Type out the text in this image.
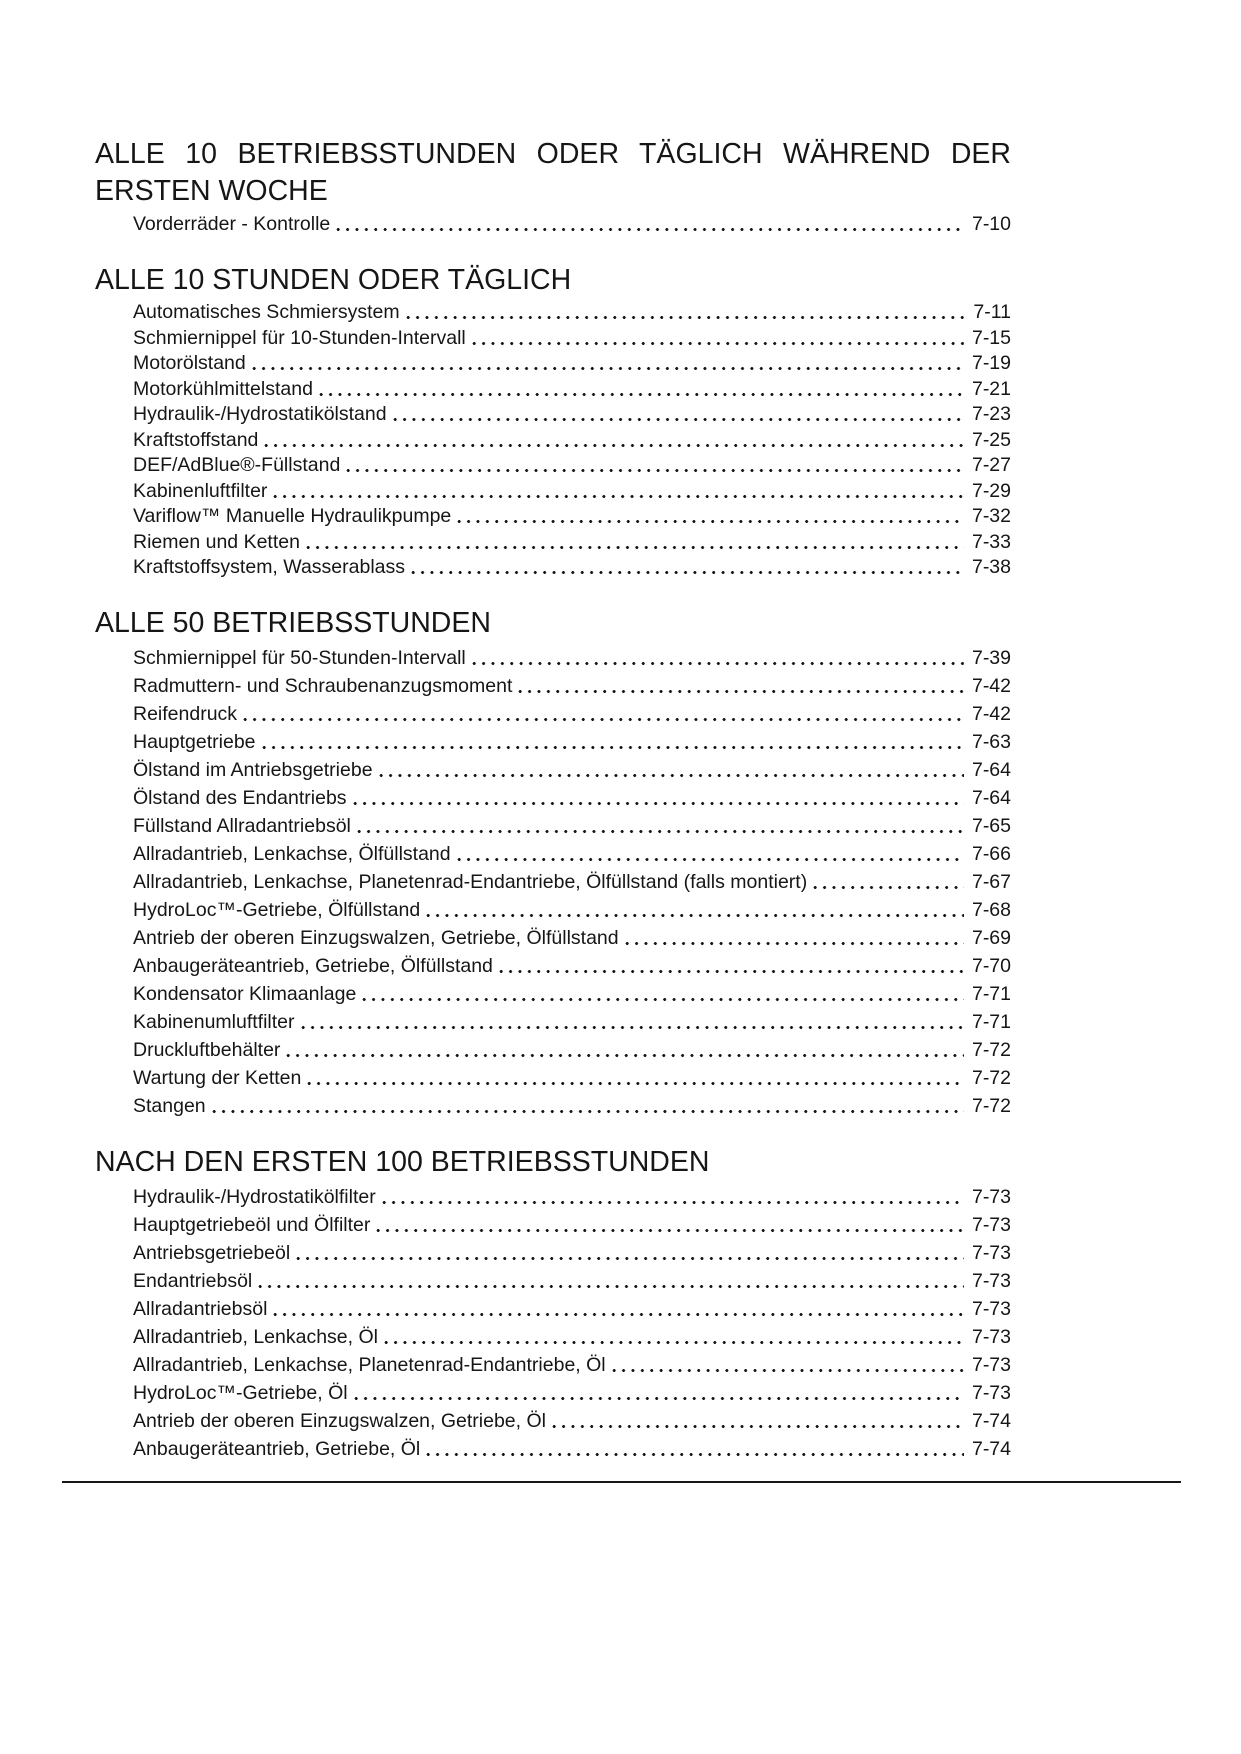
ALLE 10 BETRIEBSSTUNDEN ODER TÄGLICH WÄHREND DER
ERSTEN WOCHE
Vorderräder - Kontrolle	7-10
ALLE 10 STUNDEN ODER TÄGLICH
Automatisches Schmiersystem	7-11
Schmiernippel für 10-Stunden-Intervall	7-15
Motorölstand	7-19
Motorkühlmittelstand	7-21
Hydraulik-/Hydrostatikölstand	7-23
Kraftstoffstand	7-25
DEF/AdBlue®-Füllstand	7-27
Kabinenluftfilter	7-29
Variflow™ Manuelle Hydraulikpumpe	7-32
Riemen und Ketten	7-33
Kraftstoffsystem, Wasserablass	7-38
ALLE 50 BETRIEBSSTUNDEN
Schmiernippel für 50-Stunden-Intervall	7-39
Radmuttern- und Schraubenanzugsmoment	7-42
Reifendruck	7-42
Hauptgetriebe	7-63
Ölstand im Antriebsgetriebe	7-64
Ölstand des Endantriebs	7-64
Füllstand Allradantriebsöl	7-65
Allradantrieb, Lenkachse, Ölfüllstand	7-66
Allradantrieb, Lenkachse, Planetenrad-Endantriebe, Ölfüllstand (falls montiert)	7-67
HydroLoc™-Getriebe, Ölfüllstand	7-68
Antrieb der oberen Einzugswalzen, Getriebe, Ölfüllstand	7-69
Anbaugeräteantrieb, Getriebe, Ölfüllstand	7-70
Kondensator Klimaanlage	7-71
Kabinenumluftfilter	7-71
Druckluftbehälter	7-72
Wartung der Ketten	7-72
Stangen	7-72
NACH DEN ERSTEN 100 BETRIEBSSTUNDEN
Hydraulik-/Hydrostatikölfilter	7-73
Hauptgetriebeöl und Ölfilter	7-73
Antriebsgetriebeöl	7-73
Endantriebsöl	7-73
Allradantriebsöl	7-73
Allradantrieb, Lenkachse, Öl	7-73
Allradantrieb, Lenkachse, Planetenrad-Endantriebe, Öl	7-73
HydroLoc™-Getriebe, Öl	7-73
Antrieb der oberen Einzugswalzen, Getriebe, Öl	7-74
Anbaugeräteantrieb, Getriebe, Öl	7-74
